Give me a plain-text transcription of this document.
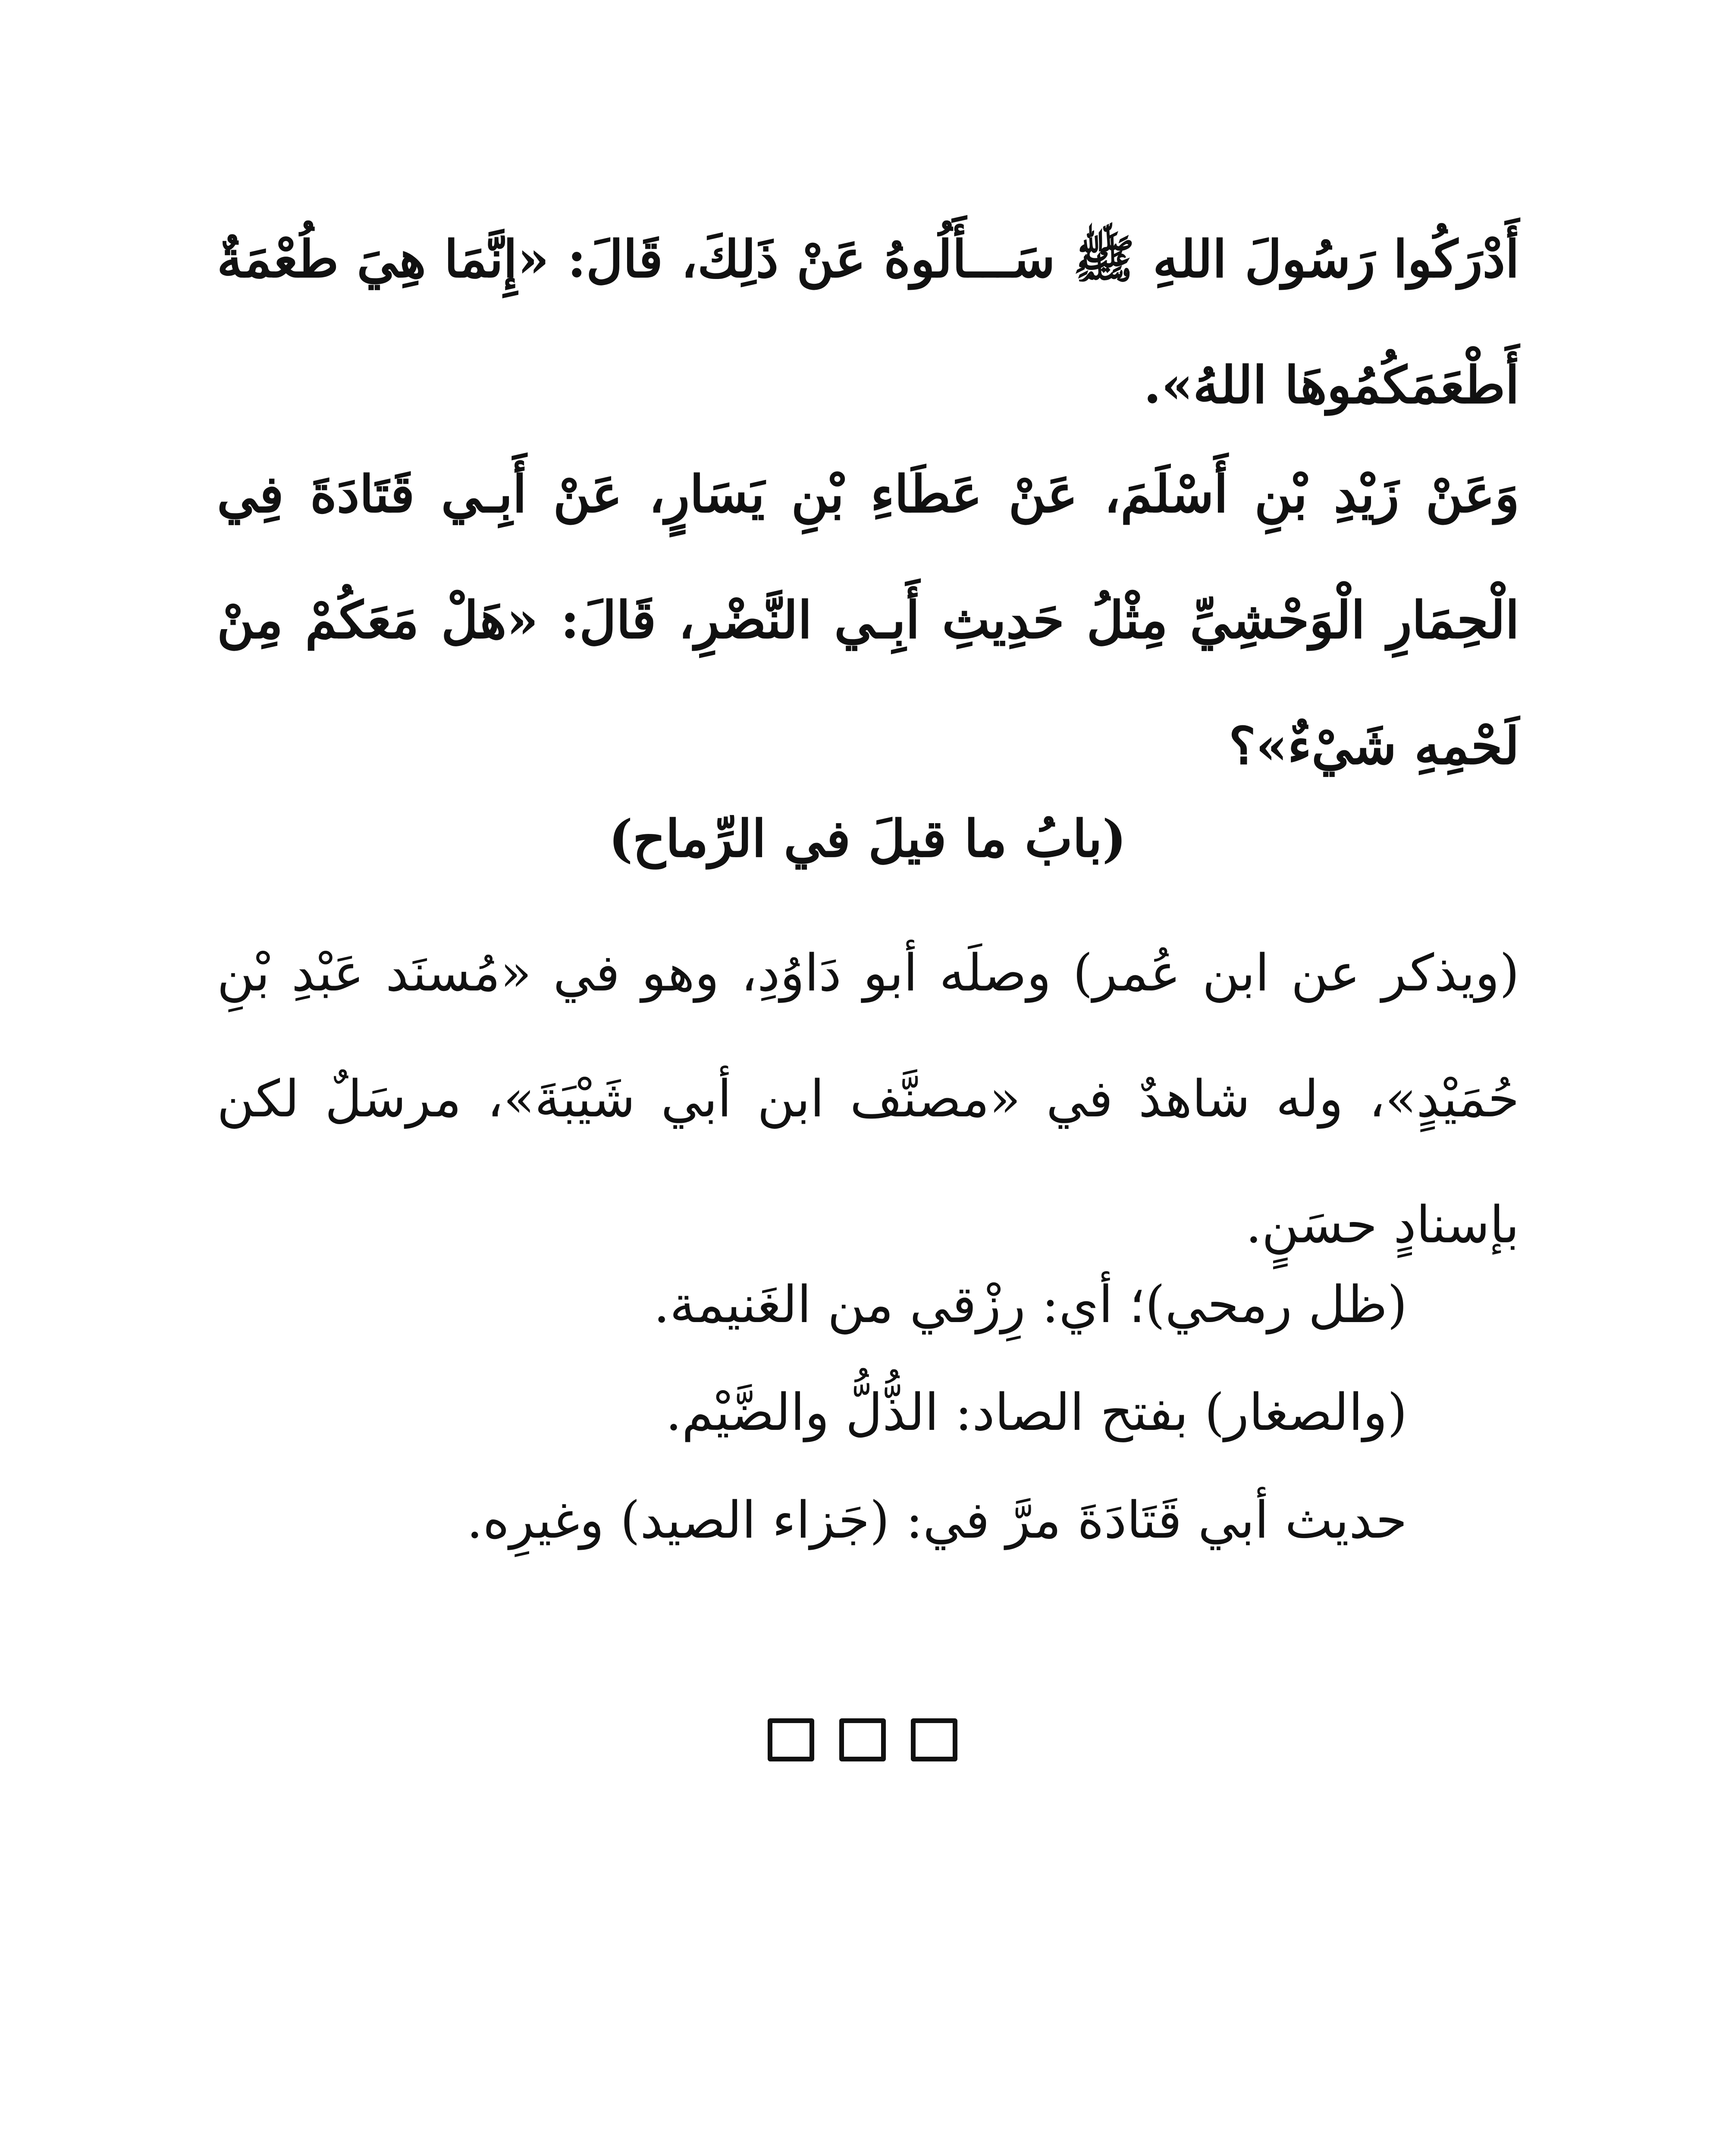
أَدْرَكُوا رَسُولَ اللهِ ﷺ سَـــأَلُوهُ عَنْ ذَلِكَ، قَالَ: «إِنَّمَا هِيَ طُعْمَةٌ أَطْعَمَكُمُوهَا اللهُ».

وَعَنْ زَيْدِ بْنِ أَسْلَمَ، عَنْ عَطَاءِ بْنِ يَسَارٍ، عَنْ أَبِـي قَتَادَةَ فِي الْحِمَارِ الْوَحْشِيِّ مِثْلُ حَدِيثِ أَبِـي النَّضْرِ، قَالَ: «هَلْ مَعَكُمْ مِنْ لَحْمِهِ شَيْءٌ»؟

(بابُ ما قيلَ في الرِّماح)

(ويذكر عن ابن عُمر) وصلَه أبو دَاوُدِ، وهو في «مُسنَد عَبْدِ بْنِ حُمَيْدٍ»، وله شاهدٌ في «مصنَّف ابن أبي شَيْبَةَ»، مرسَلٌ لكن بإسنادٍ حسَنٍ.

(ظل رمحي)؛ أي: رِزْقي من الغَنيمة.

(والصغار) بفتح الصاد: الذُّلُّ والضَّيْم.

حديث أبي قَتَادَةَ مرَّ في: (جَزاء الصيد) وغيرِه.
